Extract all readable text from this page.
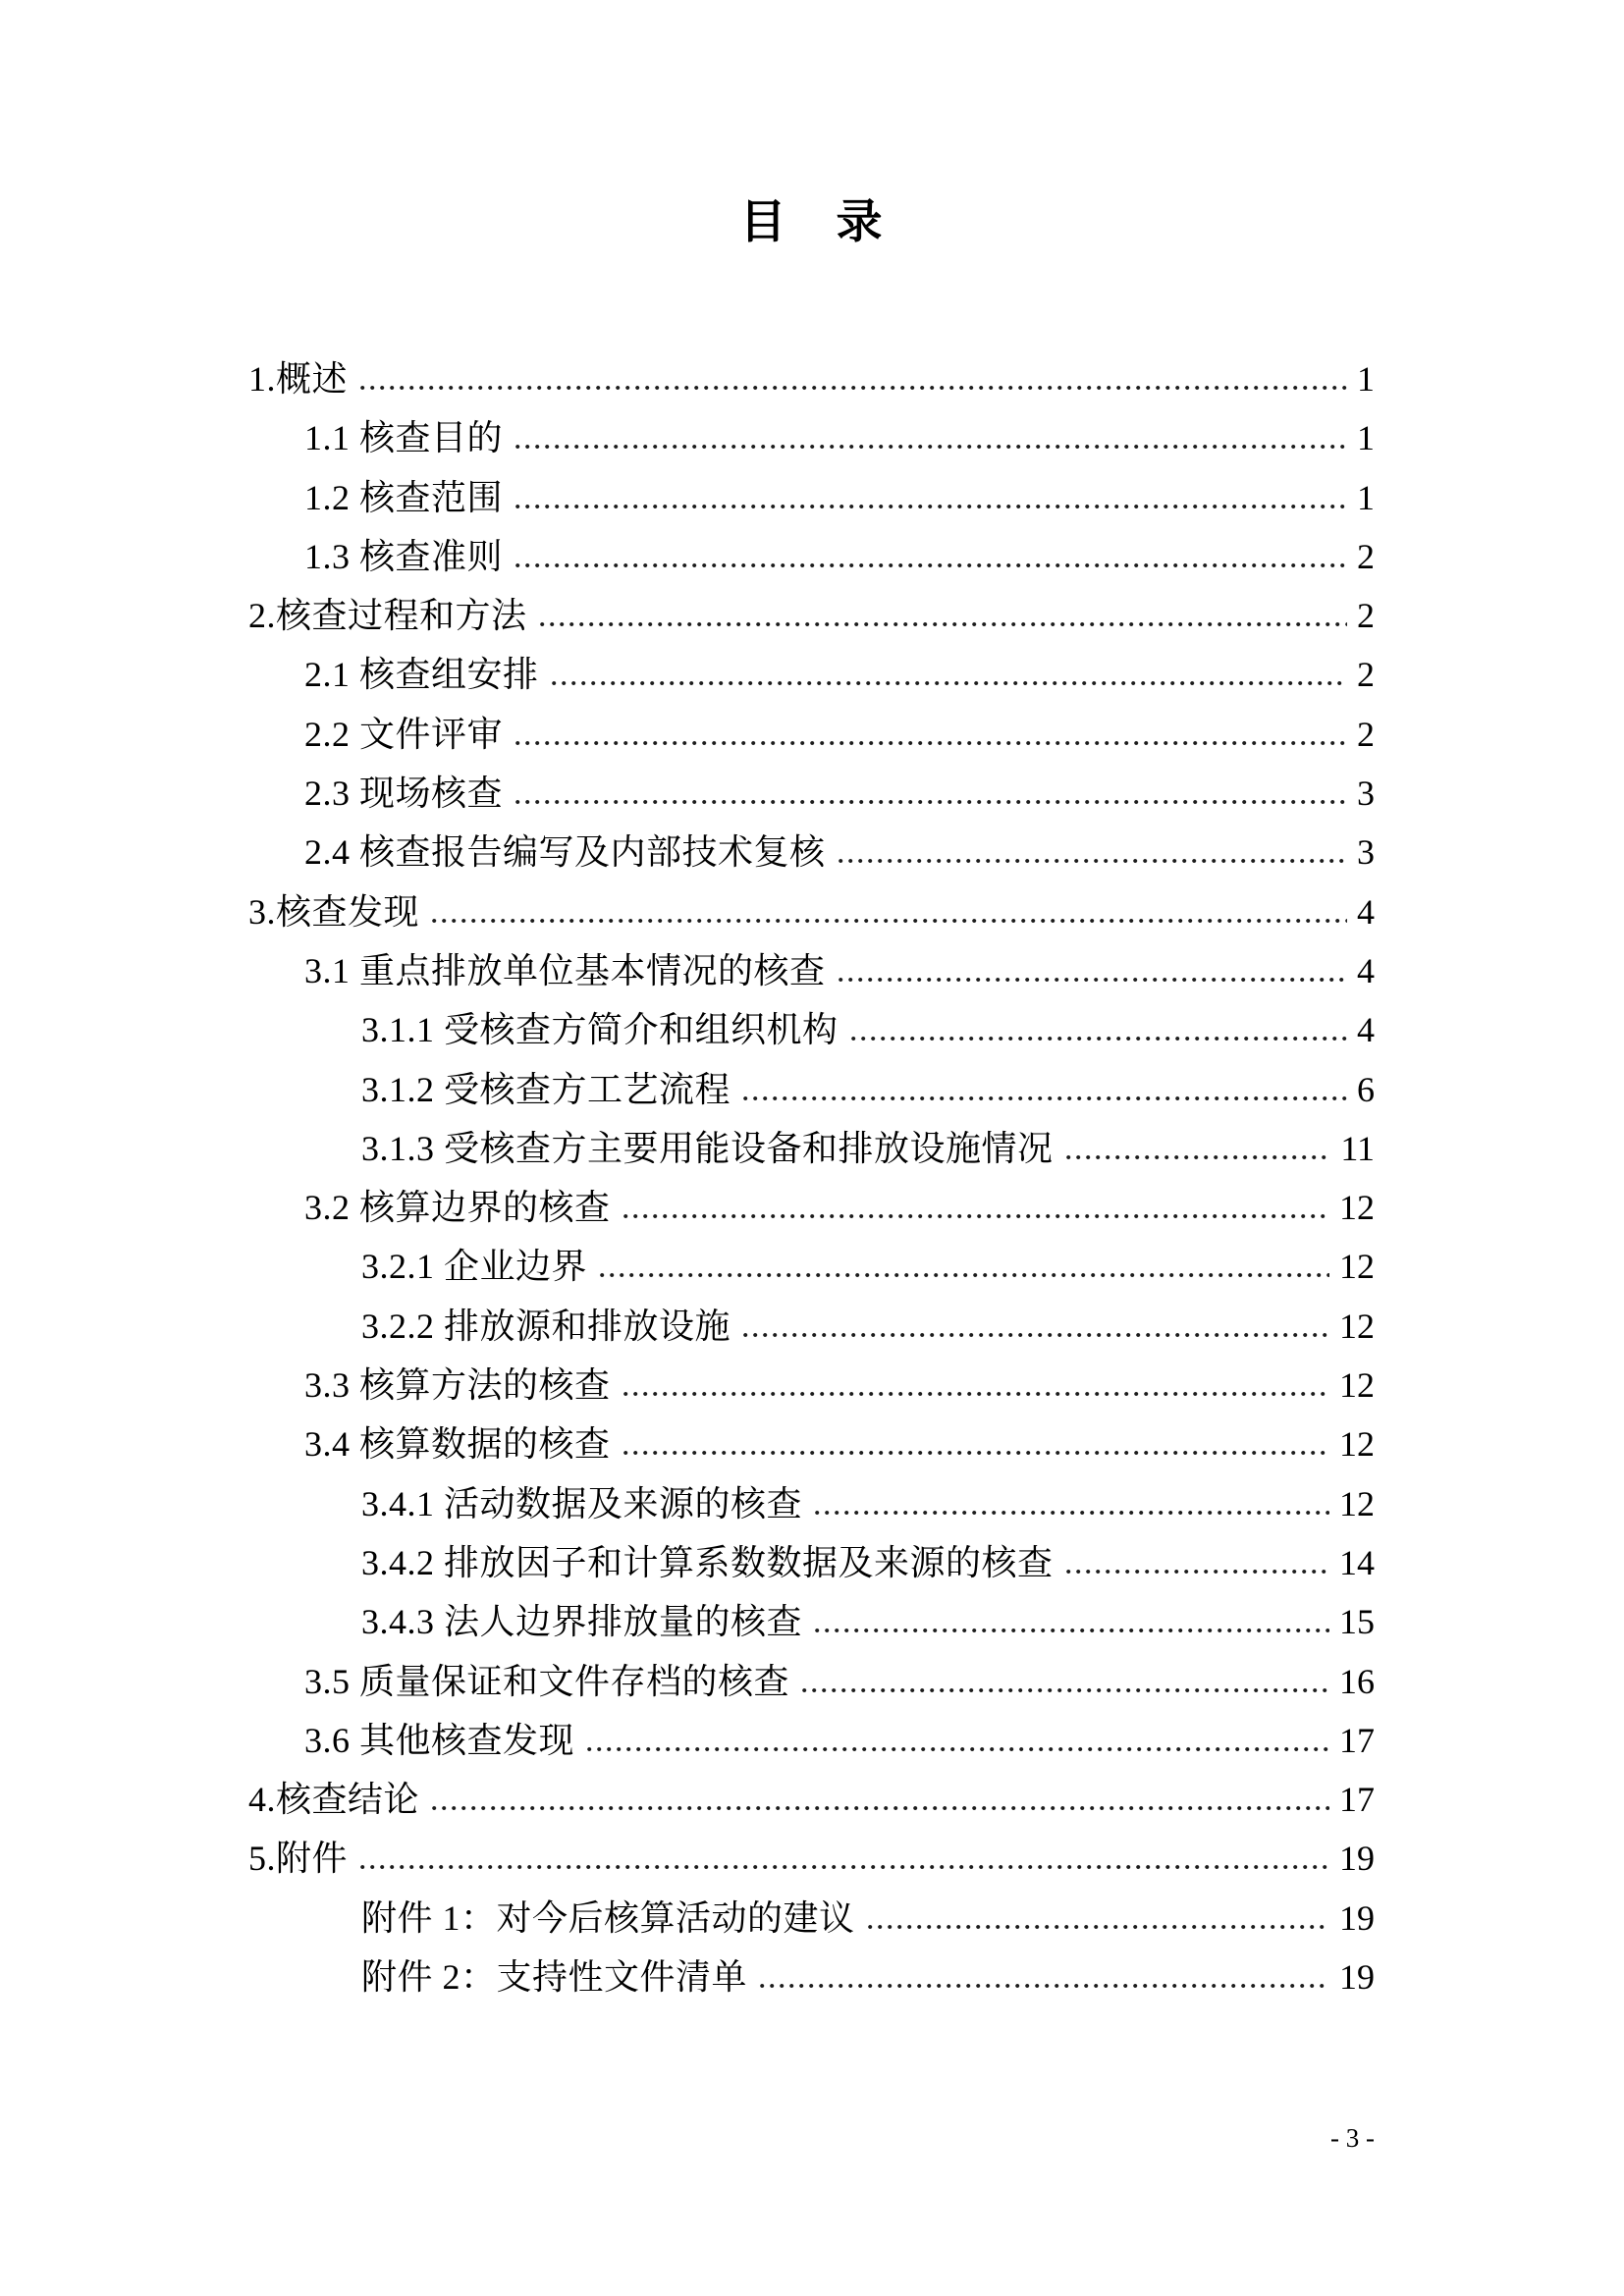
目　录
1.概述	1
1.1 核查目的	1
1.2 核查范围	1
1.3 核查准则	2
2.核查过程和方法	2
2.1 核查组安排	2
2.2 文件评审	2
2.3 现场核查	3
2.4 核查报告编写及内部技术复核	3
3.核查发现	4
3.1 重点排放单位基本情况的核查	4
3.1.1 受核查方简介和组织机构	4
3.1.2 受核查方工艺流程	6
3.1.3 受核查方主要用能设备和排放设施情况	11
3.2 核算边界的核查	12
3.2.1 企业边界	12
3.2.2 排放源和排放设施	12
3.3 核算方法的核查	12
3.4 核算数据的核查	12
3.4.1 活动数据及来源的核查	12
3.4.2 排放因子和计算系数数据及来源的核查	14
3.4.3 法人边界排放量的核查	15
3.5 质量保证和文件存档的核查	16
3.6 其他核查发现	17
4.核查结论	17
5.附件	19
附件 1：对今后核算活动的建议	19
附件 2：支持性文件清单	19
- 3 -
